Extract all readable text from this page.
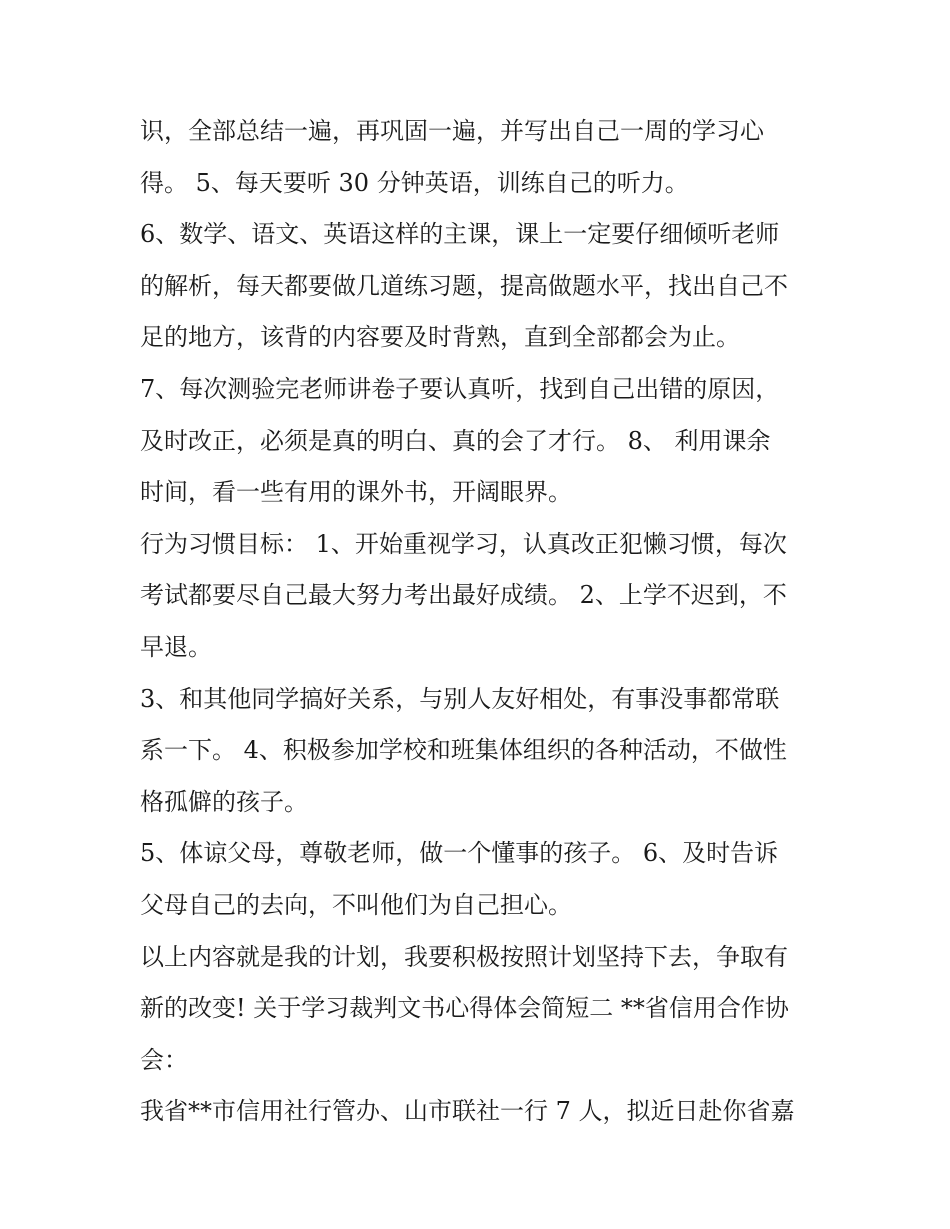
识，全部总结一遍，再巩固一遍，并写出自己一周的学习心
得。 5、每天要听 30 分钟英语，训练自己的听力。
6、数学、语文、英语这样的主课，课上一定要仔细倾听老师
的解析，每天都要做几道练习题，提高做题水平，找出自己不
足的地方，该背的内容要及时背熟，直到全部都会为止。
7、每次测验完老师讲卷子要认真听，找到自己出错的原因，
及时改正，必须是真的明白、真的会了才行。 8、 利用课余
时间，看一些有用的课外书，开阔眼界。
行为习惯目标： 1、开始重视学习，认真改正犯懒习惯，每次
考试都要尽自己最大努力考出最好成绩。 2、上学不迟到，不
早退。
3、和其他同学搞好关系，与别人友好相处，有事没事都常联
系一下。 4、积极参加学校和班集体组织的各种活动，不做性
格孤僻的孩子。
5、体谅父母，尊敬老师，做一个懂事的孩子。 6、及时告诉
父母自己的去向，不叫他们为自己担心。
以上内容就是我的计划，我要积极按照计划坚持下去，争取有
新的改变! 关于学习裁判文书心得体会简短二 **省信用合作协
会：
我省**市信用社行管办、山市联社一行 7 人，拟近日赴你省嘉
